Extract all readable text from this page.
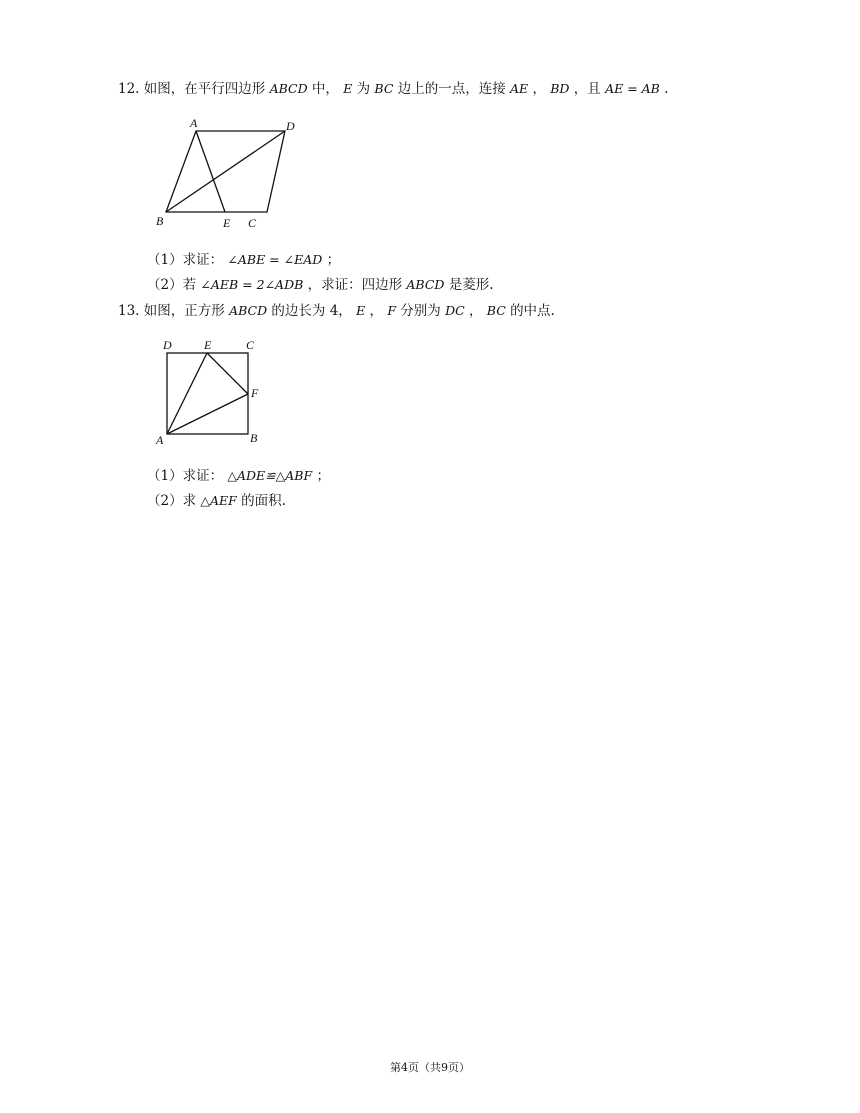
12. 如图，在平行四边形 ABCD 中， E 为 BC 边上的一点，连接 AE ， BD ，且 AE = AB .
A	D
B	E C
（1）求证： ∠ABE = ∠EAD ；
（2）若 ∠AEB = 2∠ADB ，求证：四边形 ABCD 是菱形.
13. 如图，正方形 ABCD 的边长为 4， E ， F 分别为 DC ， BC 的中点.
D	E	C
F
A	B
（1）求证： △ADE≌△ABF ；
（2）求 △AEF 的面积.
第4页（共9页）
